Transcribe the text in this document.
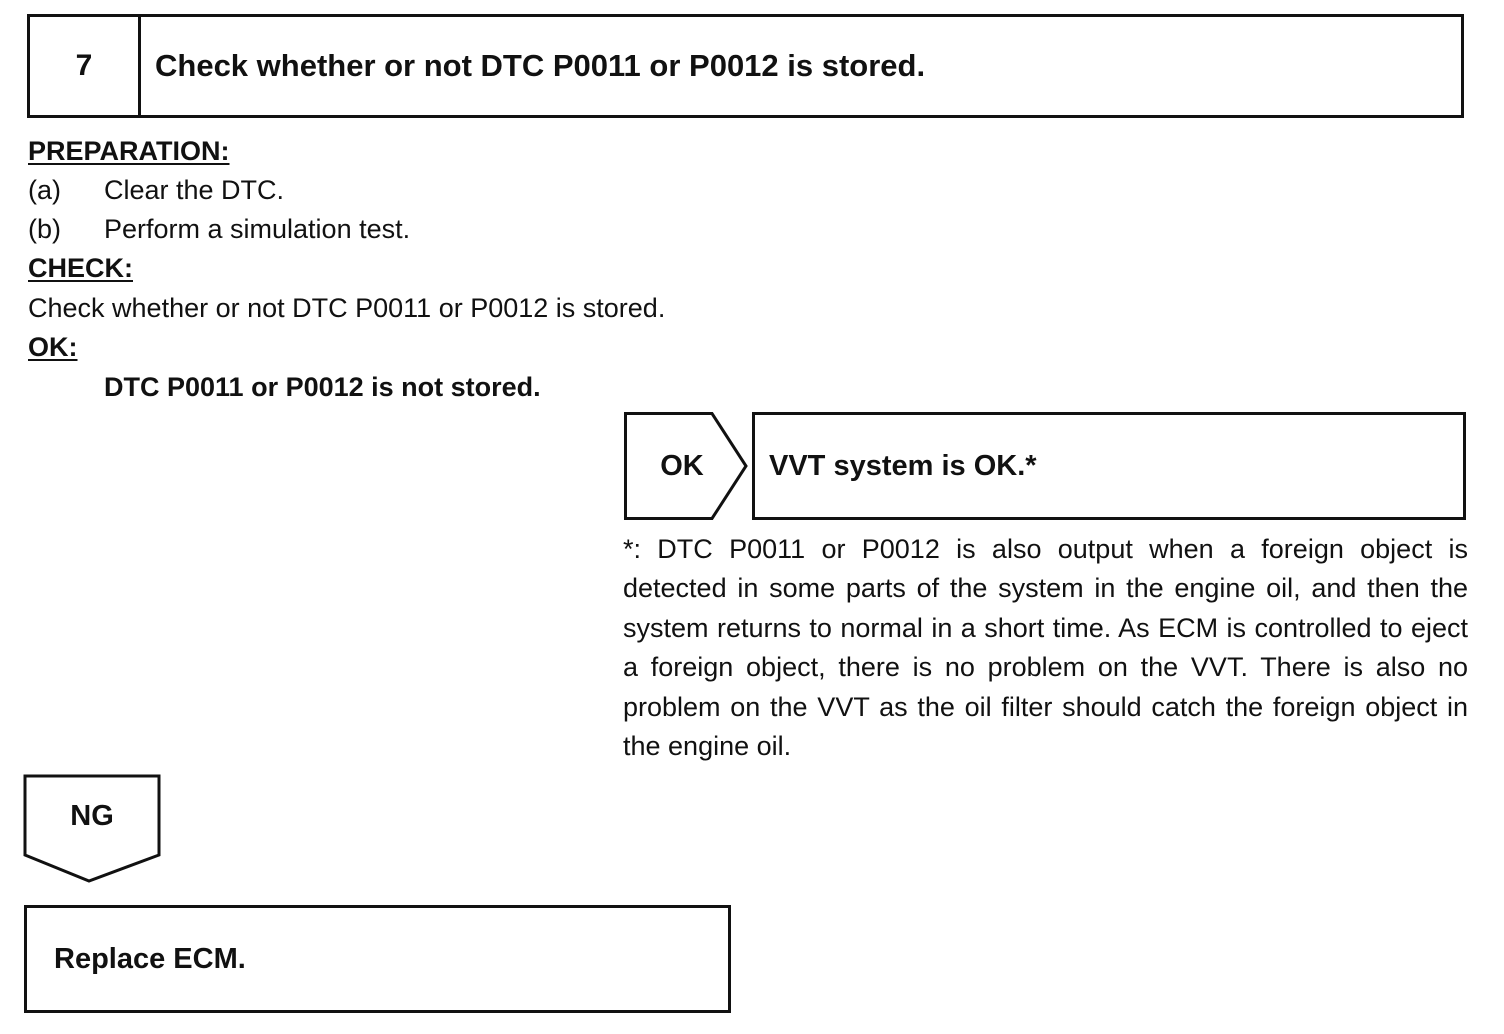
7	Check whether or not DTC P0011 or P0012 is stored.
PREPARATION:
(a) Clear the DTC.
(b) Perform a simulation test.
CHECK:
Check whether or not DTC P0011 or P0012 is stored.
OK:
DTC P0011 or P0012 is not stored.
OK	VVT system is OK.*
*: DTC P0011 or P0012 is also output when a foreign object is detected in some parts of the system in the engine oil, and then the system returns to normal in a short time. As ECM is controlled to eject a foreign object, there is no problem on the VVT. There is also no problem on the VVT as the oil filter should catch the foreign object in the engine oil.
NG
Replace ECM.
